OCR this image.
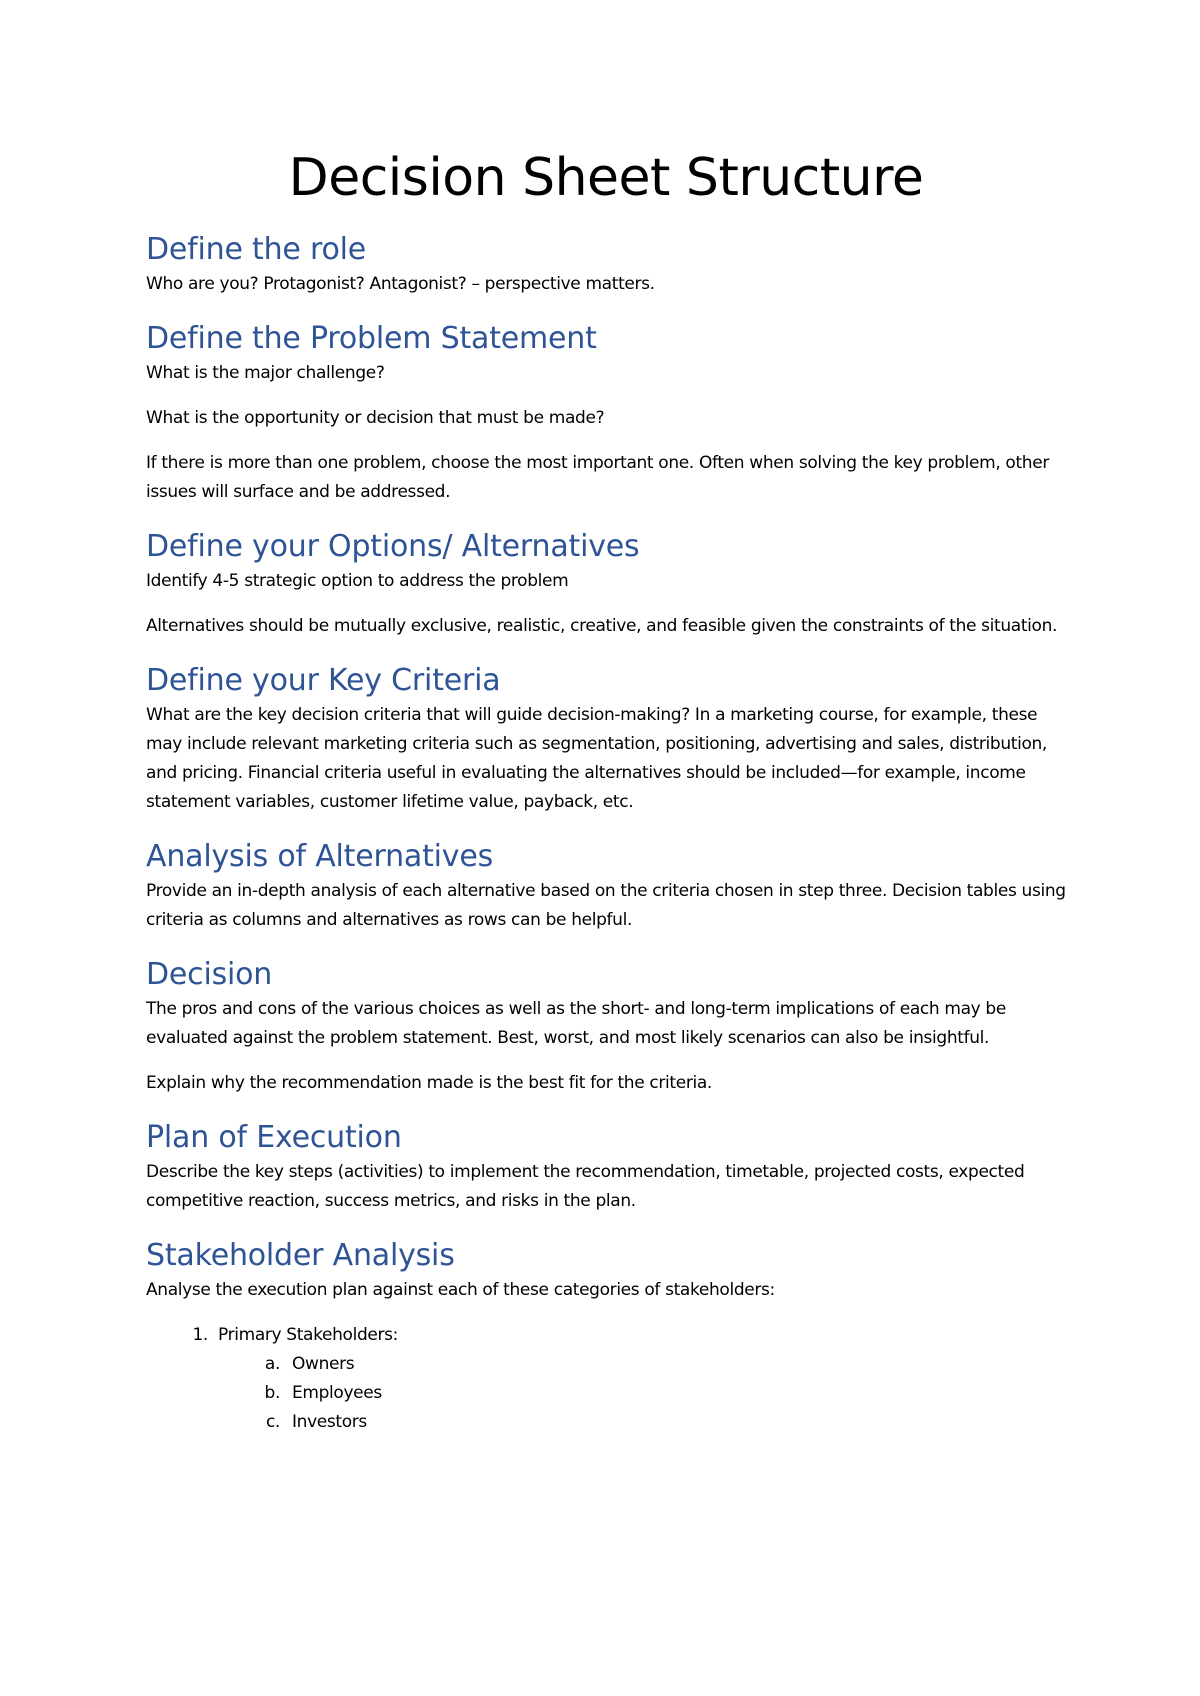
Decision Sheet Structure
Define the role

Who are you? Protagonist? Antagonist? – perspective matters.

Define the Problem Statement

What is the major challenge?

What is the opportunity or decision that must be made?

If there is more than one problem, choose the most important one. Often when solving the key problem, other issues will surface and be addressed.

Define your Options/ Alternatives

Identify 4-5 strategic option to address the problem

Alternatives should be mutually exclusive, realistic, creative, and feasible given the constraints of the situation.

Define your Key Criteria

What are the key decision criteria that will guide decision-making? In a marketing course, for example, these may include relevant marketing criteria such as segmentation, positioning, advertising and sales, distribution, and pricing. Financial criteria useful in evaluating the alternatives should be included—for example, income statement variables, customer lifetime value, payback, etc.

Analysis of Alternatives

Provide an in-depth analysis of each alternative based on the criteria chosen in step three. Decision tables using criteria as columns and alternatives as rows can be helpful.

Decision

The pros and cons of the various choices as well as the short- and long-term implications of each may be evaluated against the problem statement. Best, worst, and most likely scenarios can also be insightful.

Explain why the recommendation made is the best fit for the criteria.

Plan of Execution

Describe the key steps (activities) to implement the recommendation, timetable, projected costs, expected competitive reaction, success metrics, and risks in the plan.

Stakeholder Analysis

Analyse the execution plan against each of these categories of stakeholders:

1. Primary Stakeholders:
a. Owners
b. Employees
c. Investors
